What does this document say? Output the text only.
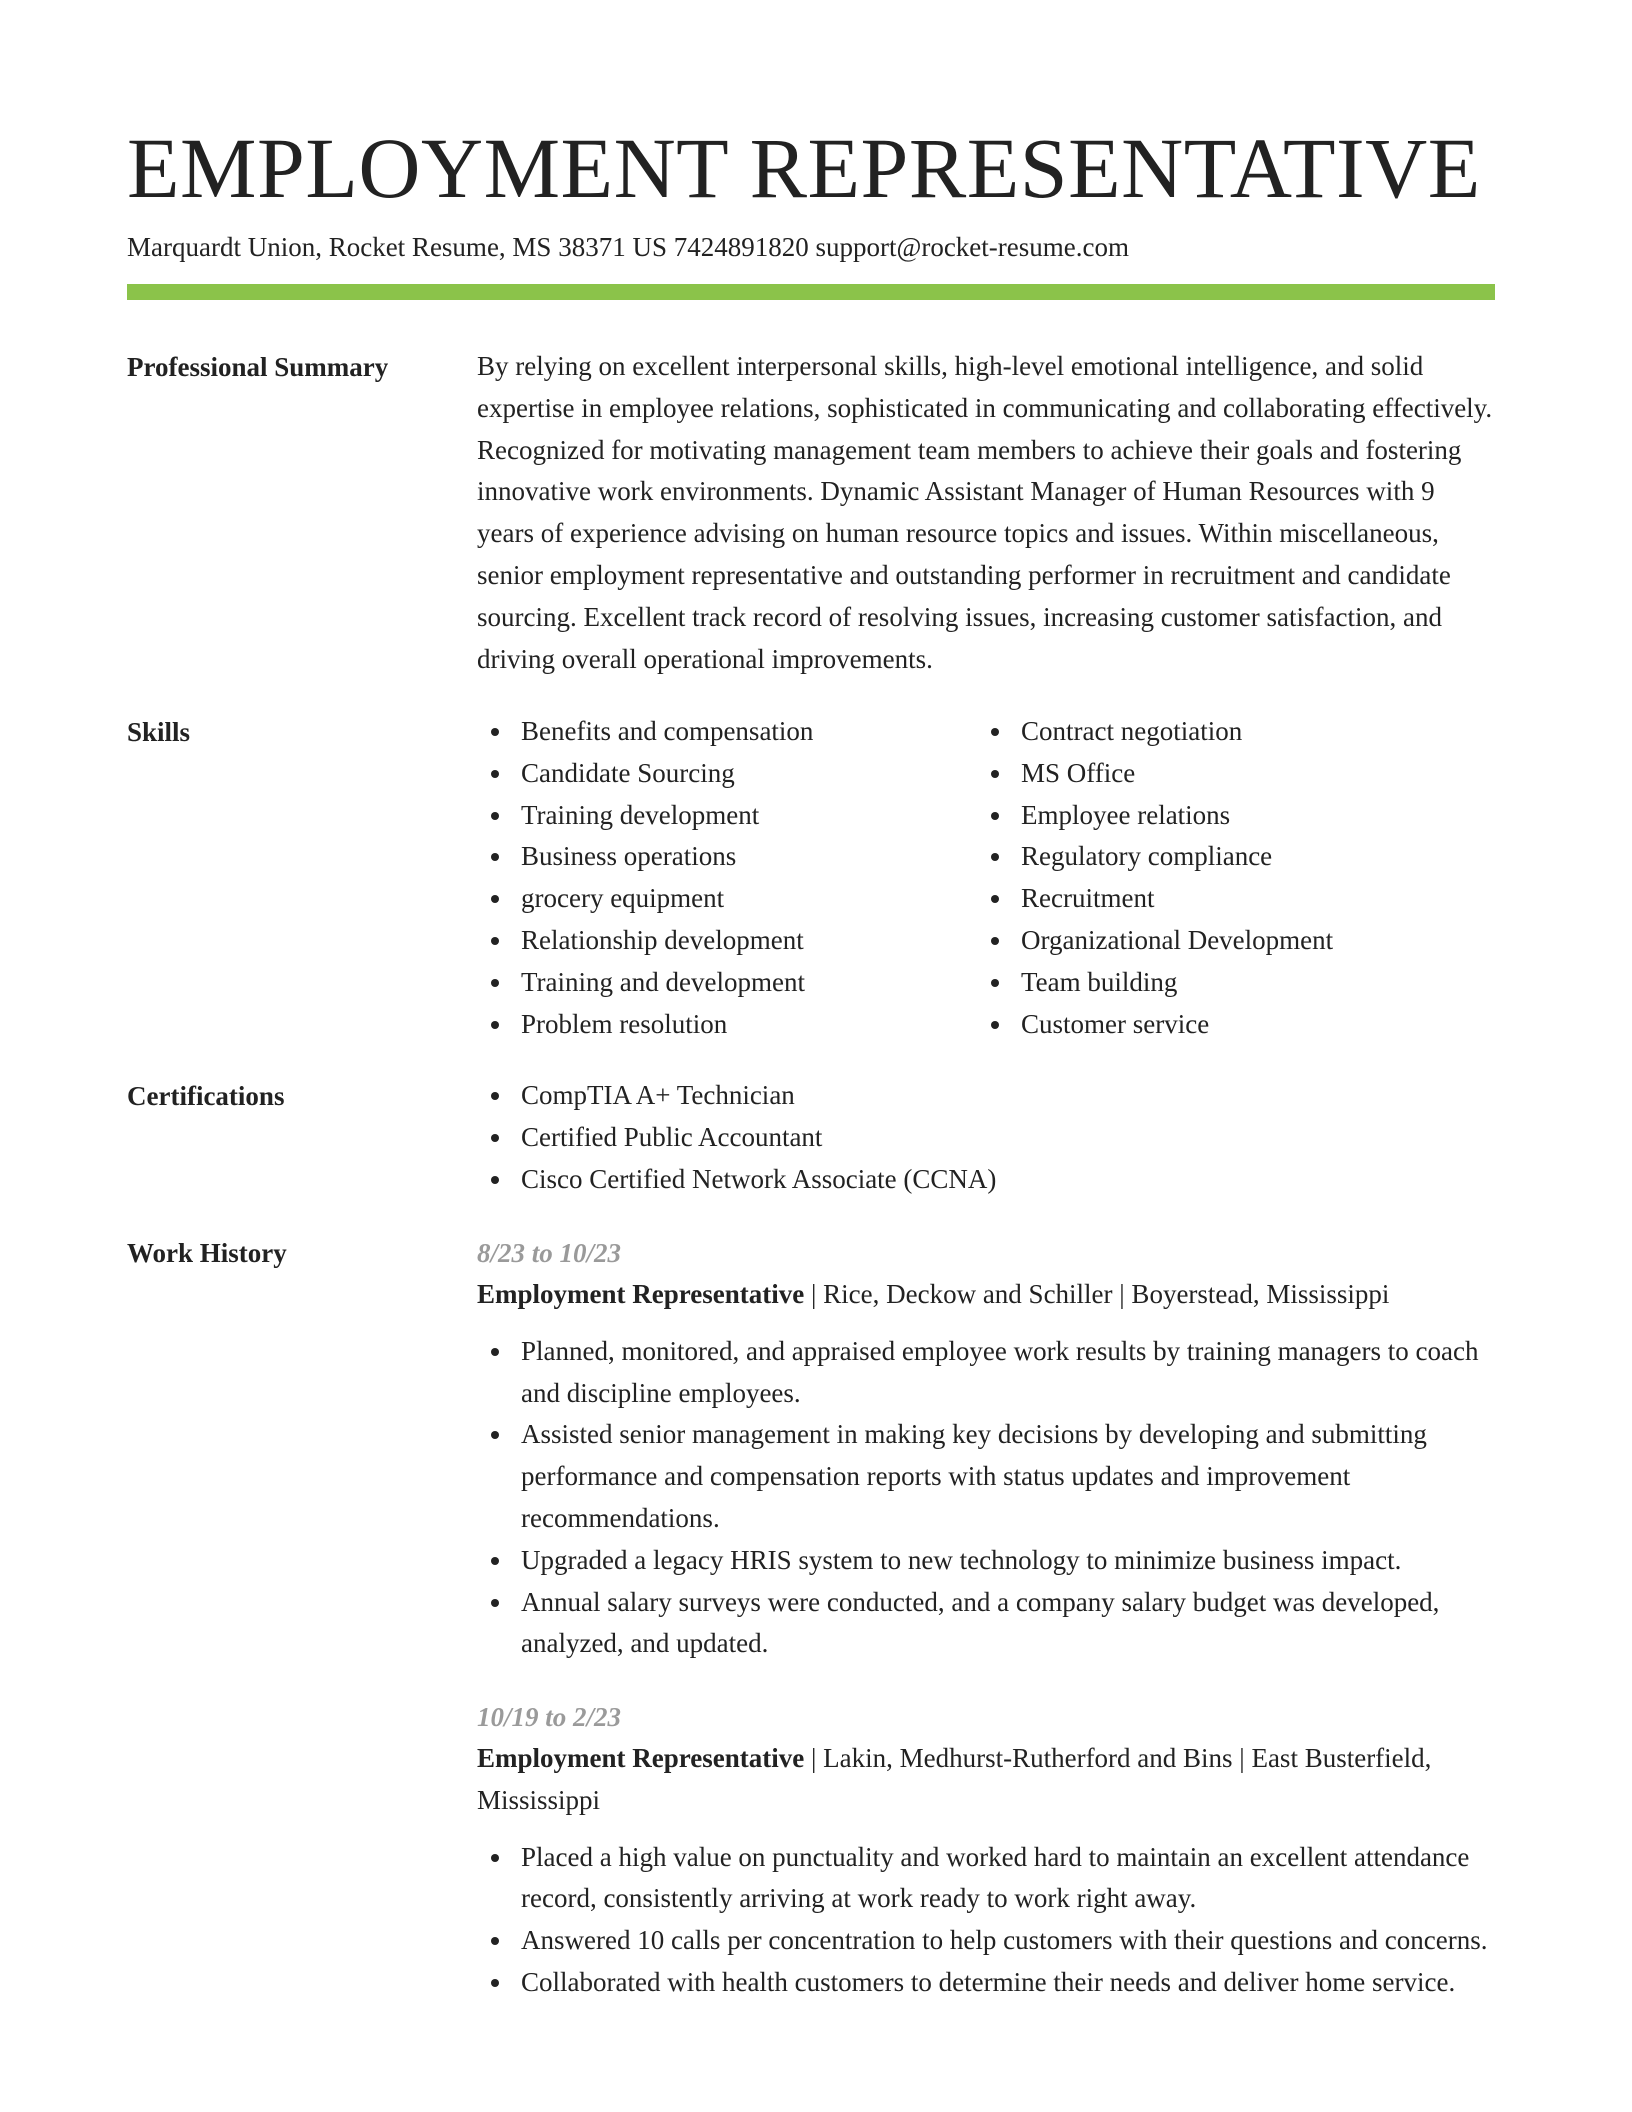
EMPLOYMENT REPRESENTATIVE
Marquardt Union, Rocket Resume, MS 38371 US 7424891820 support@rocket-resume.com
Professional Summary	By relying on excellent interpersonal skills, high-level emotional intelligence, and solid expertise in employee relations, sophisticated in communicating and collaborating effectively. Recognized for motivating management team members to achieve their goals and fostering innovative work environments. Dynamic Assistant Manager of Human Resources with 9 years of experience advising on human resource topics and issues. Within miscellaneous, senior employment representative and outstanding performer in recruitment and candidate sourcing. Excellent track record of resolving issues, increasing customer satisfaction, and driving overall operational improvements.

Skills	Benefits and compensation
Candidate Sourcing
Training development
Business operations
grocery equipment
Relationship development
Training and development
Problem resolution
Contract negotiation
MS Office
Employee relations
Regulatory compliance
Recruitment
Organizational Development
Team building
Customer service
Certifications	CompTIA A+ Technician
Certified Public Accountant
Cisco Certified Network Associate (CCNA)
Work History	8/23 to 10/23
Employment Representative | Rice, Deckow and Schiller | Boyerstead, Mississippi
Planned, monitored, and appraised employee work results by training managers to coach and discipline employees.
Assisted senior management in making key decisions by developing and submitting performance and compensation reports with status updates and improvement recommendations.
Upgraded a legacy HRIS system to new technology to minimize business impact.
Annual salary surveys were conducted, and a company salary budget was developed, analyzed, and updated.
10/19 to 2/23
Employment Representative | Lakin, Medhurst-Rutherford and Bins | East Busterfield, Mississippi
Placed a high value on punctuality and worked hard to maintain an excellent attendance record, consistently arriving at work ready to work right away.
Answered 10 calls per concentration to help customers with their questions and concerns.
Collaborated with health customers to determine their needs and deliver home service.
